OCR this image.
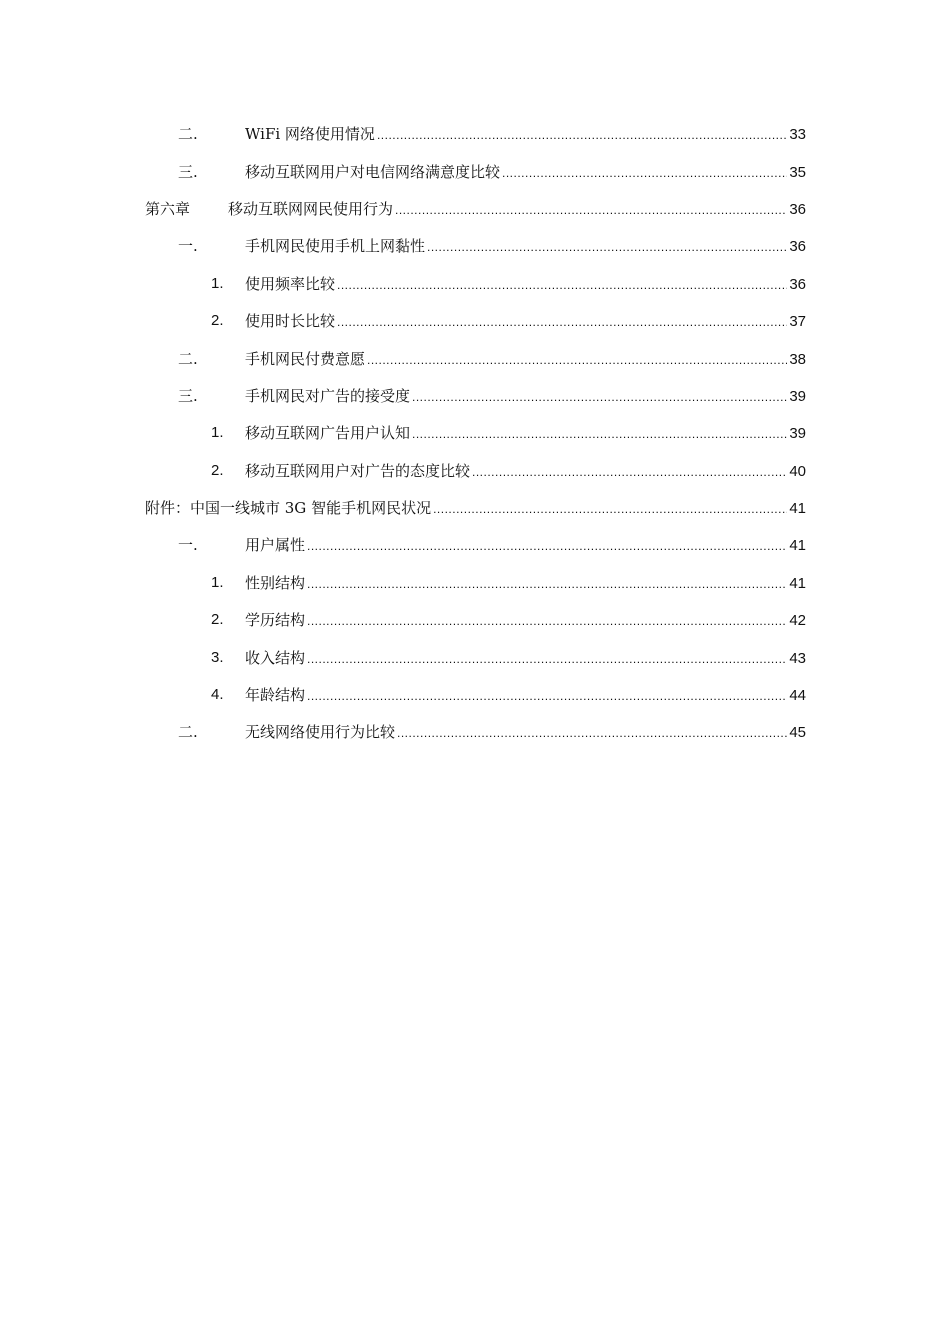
二.	WiFi 网络使用情况 .....	33
三.	移动互联网用户对电信网络满意度比较 .....	35
第六章	移动互联网网民使用行为 .....	36
一.	手机网民使用手机上网黏性 .....	36
1. 使用频率比较 .....	36
2. 使用时长比较 .....	37
二.	手机网民付费意愿 .....	38
三.	手机网民对广告的接受度 .....	39
1. 移动互联网广告用户认知 .....	39
2. 移动互联网用户对广告的态度比较 .....	40
附件：中国一线城市 3G 智能手机网民状况 .....	41
一.	用户属性 .....	41
1. 性别结构 .....	41
2. 学历结构 .....	42
3. 收入结构 .....	43
4. 年龄结构 .....	44
二.	无线网络使用行为比较 .....	45
